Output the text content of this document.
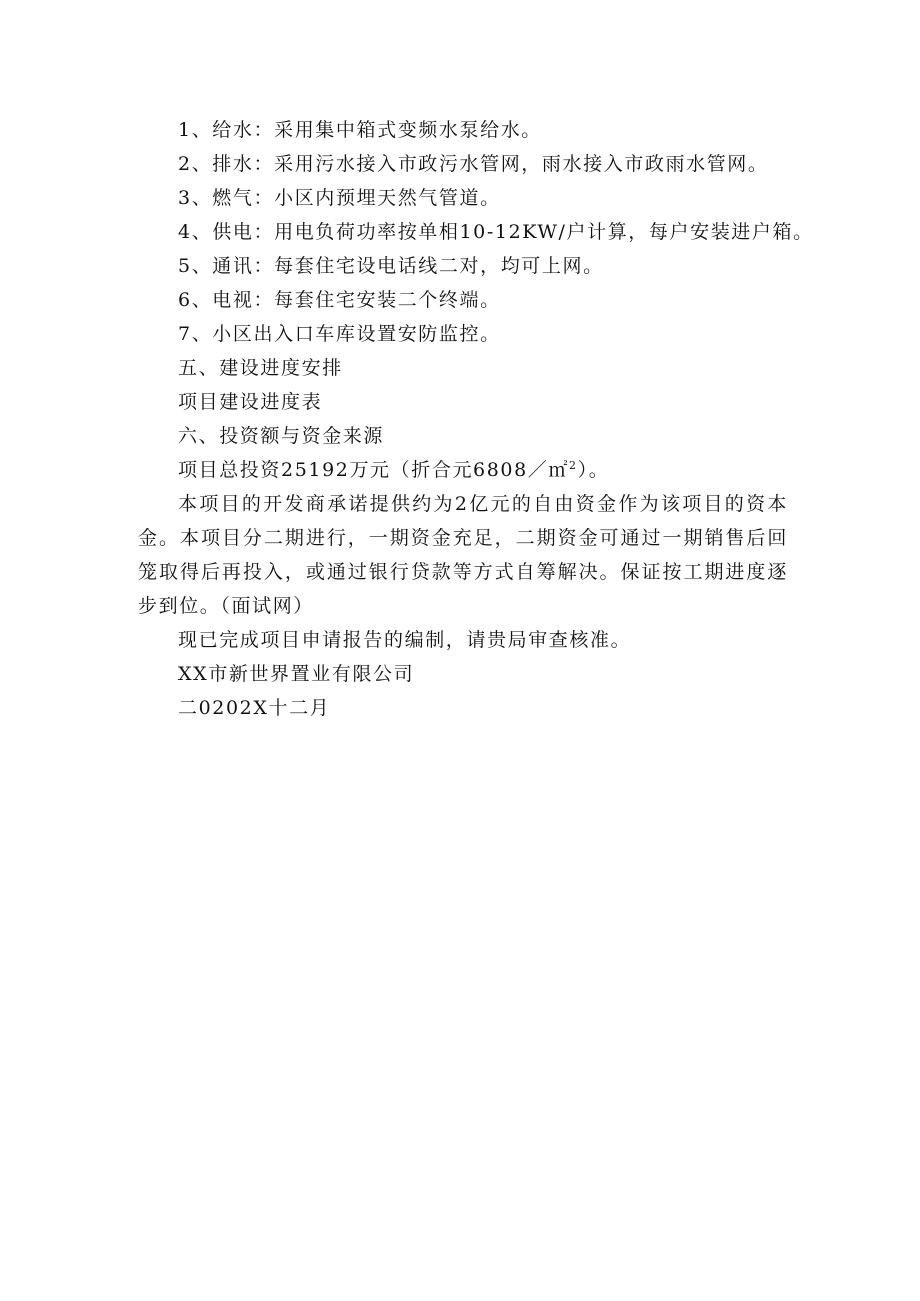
1、给水：采用集中箱式变频水泵给水。

2、排水：采用污水接入市政污水管网，雨水接入市政雨水管网。

3、燃气：小区内预埋天然气管道。

4、供电：用电负荷功率按单相10-12KW/户计算，每户安装进户箱。

5、通讯：每套住宅设电话线二对，均可上网。

6、电视：每套住宅安装二个终端。

7、小区出入口车库设置安防监控。

五、建设进度安排

项目建设进度表

六、投资额与资金来源

项目总投资25192万元（折合元6808／㎡$^2$）。

本项目的开发商承诺提供约为2亿元的自由资金作为该项目的资本金。本项目分二期进行，一期资金充足，二期资金可通过一期销售后回笼取得后再投入，或通过银行贷款等方式自筹解决。保证按工期进度逐步到位。（面试网）

现已完成项目申请报告的编制，请贵局审查核准。

XX市新世界置业有限公司

二0202X十二月
